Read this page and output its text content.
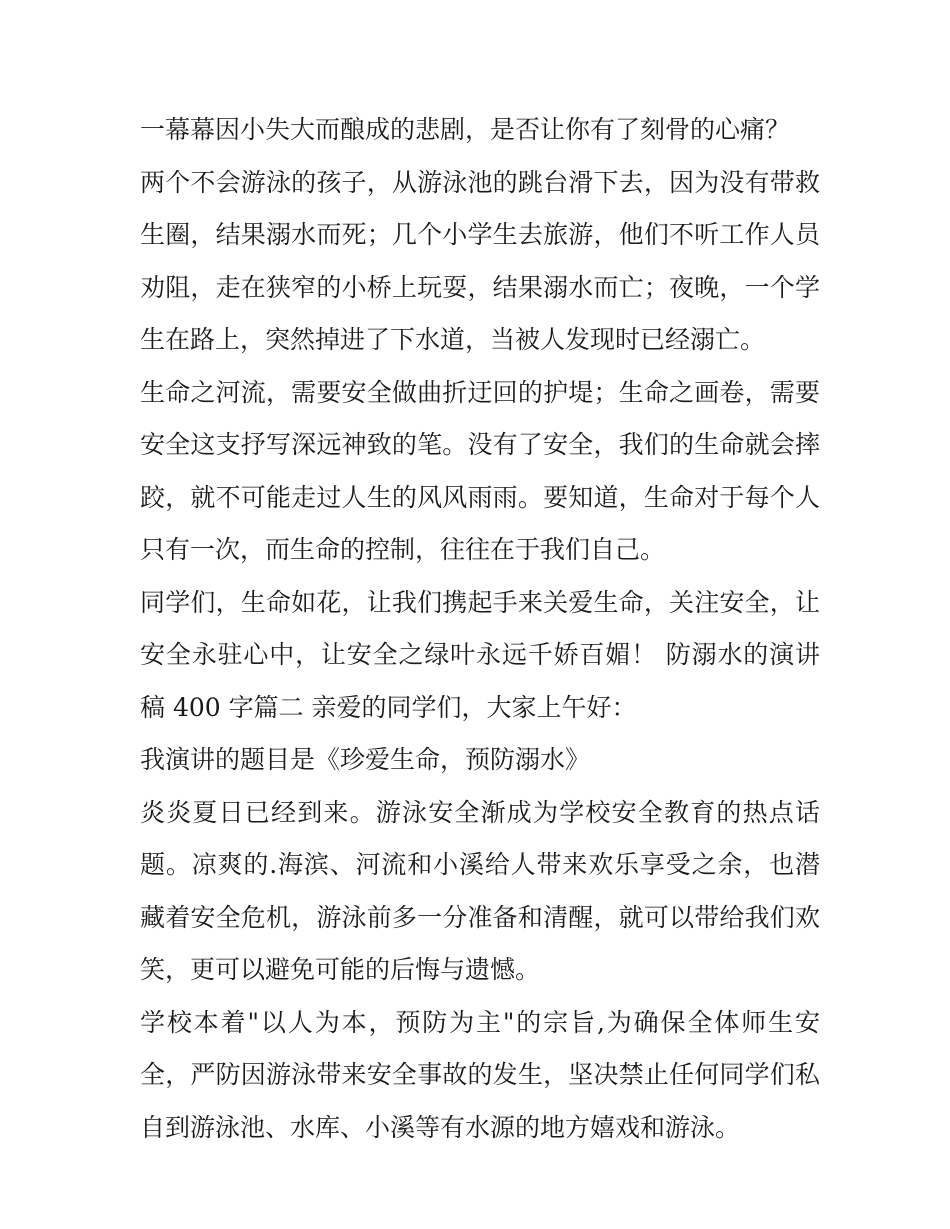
一幕幕因小失大而酿成的悲剧，是否让你有了刻骨的心痛？

两个不会游泳的孩子，从游泳池的跳台滑下去，因为没有带救生圈，结果溺水而死；几个小学生去旅游，他们不听工作人员劝阻，走在狭窄的小桥上玩耍，结果溺水而亡；夜晚，一个学生在路上，突然掉进了下水道，当被人发现时已经溺亡。

生命之河流，需要安全做曲折迂回的护堤；生命之画卷，需要安全这支抒写深远神致的笔。没有了安全，我们的生命就会摔跤，就不可能走过人生的风风雨雨。要知道，生命对于每个人只有一次，而生命的控制，往往在于我们自己。

同学们，生命如花，让我们携起手来关爱生命，关注安全，让安全永驻心中，让安全之绿叶永远千娇百媚！ 防溺水的演讲稿 400 字篇二 亲爱的同学们，大家上午好：

我演讲的题目是《珍爱生命，预防溺水》

炎炎夏日已经到来。游泳安全渐成为学校安全教育的热点话题。凉爽的.海滨、河流和小溪给人带来欢乐享受之余，也潜藏着安全危机，游泳前多一分准备和清醒，就可以带给我们欢笑，更可以避免可能的后悔与遗憾。

学校本着"以人为本，预防为主"的宗旨,为确保全体师生安全，严防因游泳带来安全事故的发生，坚决禁止任何同学们私自到游泳池、水库、小溪等有水源的地方嬉戏和游泳。
